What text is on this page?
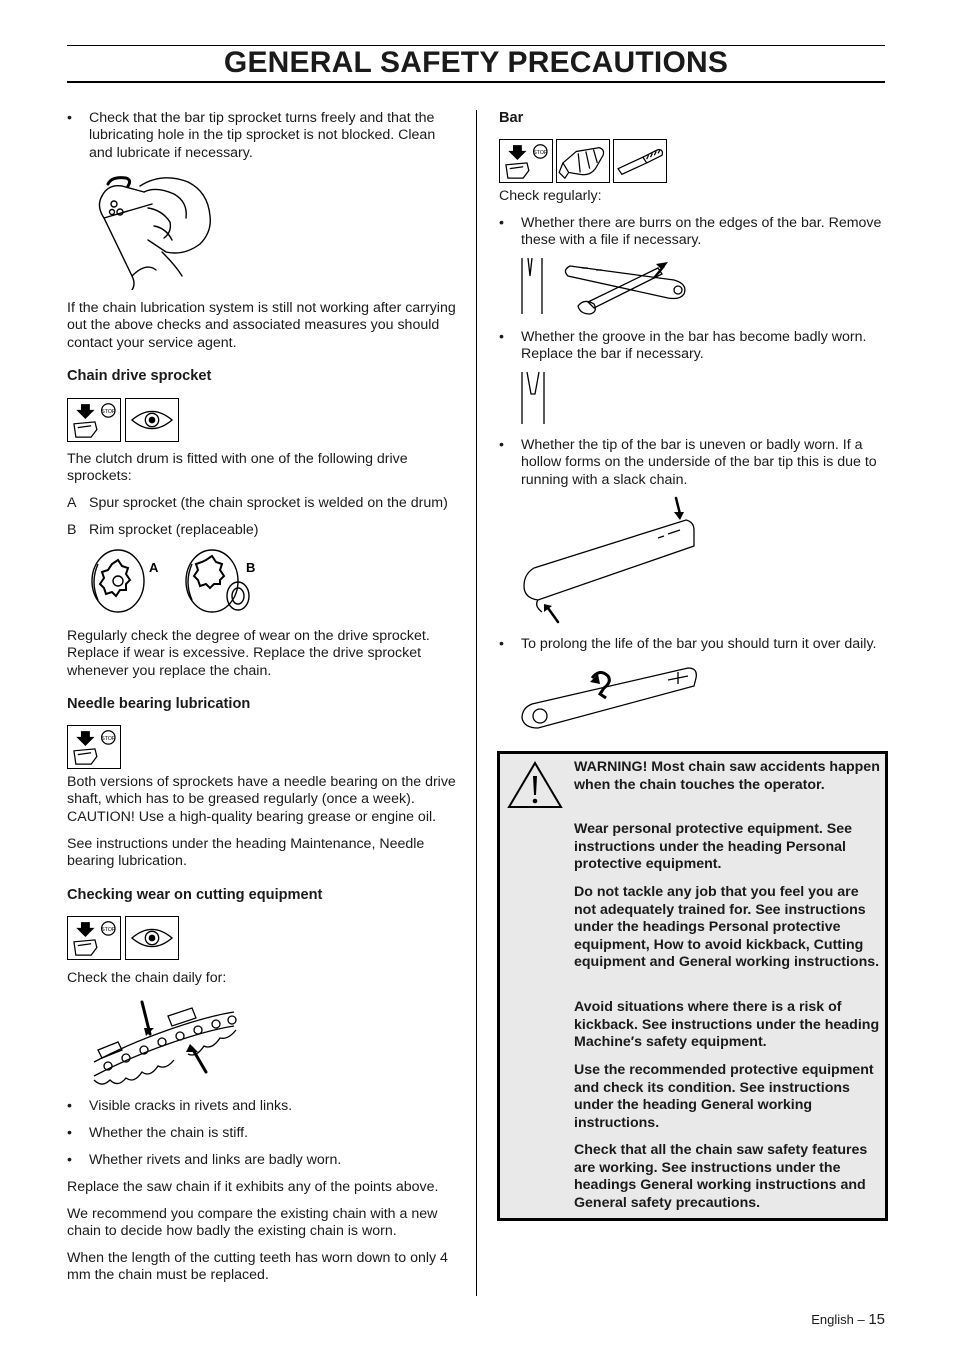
GENERAL SAFETY PRECAUTIONS
• Check that the bar tip sprocket turns freely and that the lubricating hole in the tip sprocket is not blocked. Clean and lubricate if necessary.
If the chain lubrication system is still not working after carrying out the above checks and associated measures you should contact your service agent.
Chain drive sprocket
STOP
The clutch drum is fitted with one of the following drive sprockets:
A Spur sprocket (the chain sprocket is welded on the drum)
B Rim sprocket (replaceable)
A	B
Regularly check the degree of wear on the drive sprocket. Replace if wear is excessive. Replace the drive sprocket whenever you replace the chain.
Needle bearing lubrication
STOP
Both versions of sprockets have a needle bearing on the drive shaft, which has to be greased regularly (once a week). CAUTION! Use a high-quality bearing grease or engine oil.
See instructions under the heading Maintenance, Needle bearing lubrication.
Checking wear on cutting equipment
STOP
Check the chain daily for:
• Visible cracks in rivets and links.
• Whether the chain is stiff.
• Whether rivets and links are badly worn.
Replace the saw chain if it exhibits any of the points above.
We recommend you compare the existing chain with a new chain to decide how badly the existing chain is worn.
When the length of the cutting teeth has worn down to only 4 mm the chain must be replaced.
Bar
STOP
Check regularly:
• Whether there are burrs on the edges of the bar. Remove these with a file if necessary.
• Whether the groove in the bar has become badly worn. Replace the bar if necessary.
• Whether the tip of the bar is uneven or badly worn. If a hollow forms on the underside of the bar tip this is due to running with a slack chain.
• To prolong the life of the bar you should turn it over daily.
WARNING! Most chain saw accidents happen when the chain touches the operator.
Wear personal protective equipment. See instructions under the heading Personal protective equipment.
Do not tackle any job that you feel you are not adequately trained for. See instructions under the headings Personal protective equipment, How to avoid kickback, Cutting equipment and General working instructions.
Avoid situations where there is a risk of kickback. See instructions under the heading Machine′s safety equipment.
Use the recommended protective equipment and check its condition. See instructions under the heading General working instructions.
Check that all the chain saw safety features are working. See instructions under the headings General working instructions and General safety precautions.
English – 15
